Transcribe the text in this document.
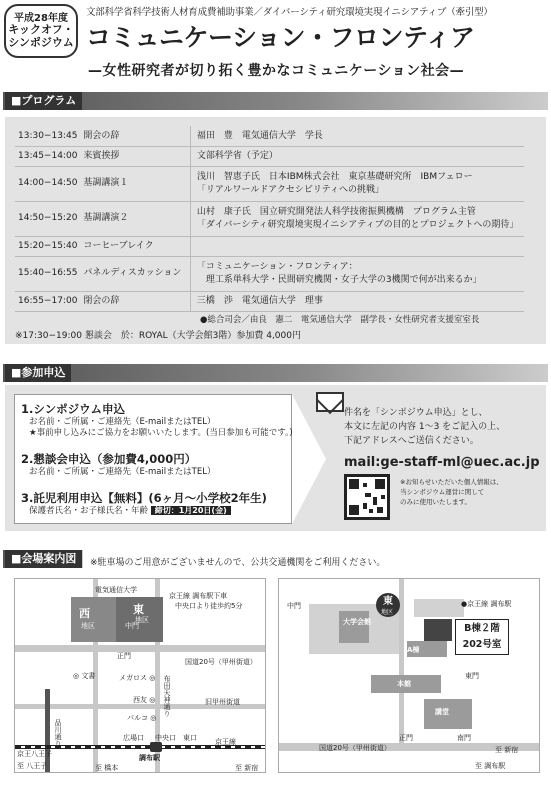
平成28年度
キックオフ・
シンポジウム
文部科学省科学技術人材育成費補助事業／ダイバーシティ研究環境実現イニシアティブ（牽引型）
コミュニケーション・フロンティア
—女性研究者が切り拓く豊かなコミュニケーション社会—
■プログラム
13:30−13:45	開会の辞	福田　豊　電気通信大学　学長
13:45−14:00	来賓挨拶	文部科学省（予定）
14:00−14:50	基調講演１	浅川　智恵子氏　日本IBM株式会社　東京基礎研究所　IBMフェロー
「リアルワールドアクセシビリティへの挑戦」

14:50−15:20	基調講演２	山村　康子氏　国立研究開発法人科学技術振興機構　プログラム主管
「ダイバーシティ研究環境実現イニシアティブの目的とプロジェクトへの期待」

15:20−15:40	コーヒーブレイク	
15:40−16:55	パネルディスカッション	「コミュニケーション・フロンティア：
　理工系単科大学・民間研究機関・女子大学の3機関で何が出来るか」

16:55−17:00	閉会の辞	三橋　渉　電気通信大学　理事
●総合司会／由良　憲二　電気通信大学　副学長・女性研究者支援室室長
※17:30−19:00 懇談会　於：ROYAL（大学会館3階）参加費 4,000円
■参加申込
1.シンポジウム申込
お名前・ご所属・ご連絡先（E-mailまたはTEL）
★事前申し込みにご協力をお願いいたします。(当日参加も可能です。)
2.懇談会申込（参加費4,000円）
お名前・ご所属・ご連絡先（E-mailまたはTEL）
3.託児利用申込【無料】(6ヶ月〜小学校2年生)
保護者氏名・お子様氏名・年齢 締切：1月20日(金)
件名を「シンポジウム申込」とし、
本文に左記の内容 1〜3 をご記入の上、
下記アドレスへご送信ください。
mail:ge-staff-ml@uec.ac.jp
※お知らせいただいた個人情報は、
当シンポジウム運営に関して
のみに使用いたします。
■会場案内図	※駐車場のご用意がございませんので、公共交通機関をご利用ください。
電気通信大学
西
地区
東
地区
正門
中門
京王線 調布駅下車
中央口より徒歩約5分
国道20号（甲州街道）
◎ 文書	メガロス ◎
西友 ◎
パルコ ◎
旧甲州街道
布田天神通り
広場口 中央口 東口	京王線
調布駅
京王八王子
至 八王子	至 橋本	至 新宿
品川通り
東
地区
中門
大学会館
A棟
本館
講堂
東門
B棟２階
202号室
●京王線 調布駅
正門	南門
国道20号（甲州街道）	至 新宿
至 調布駅
